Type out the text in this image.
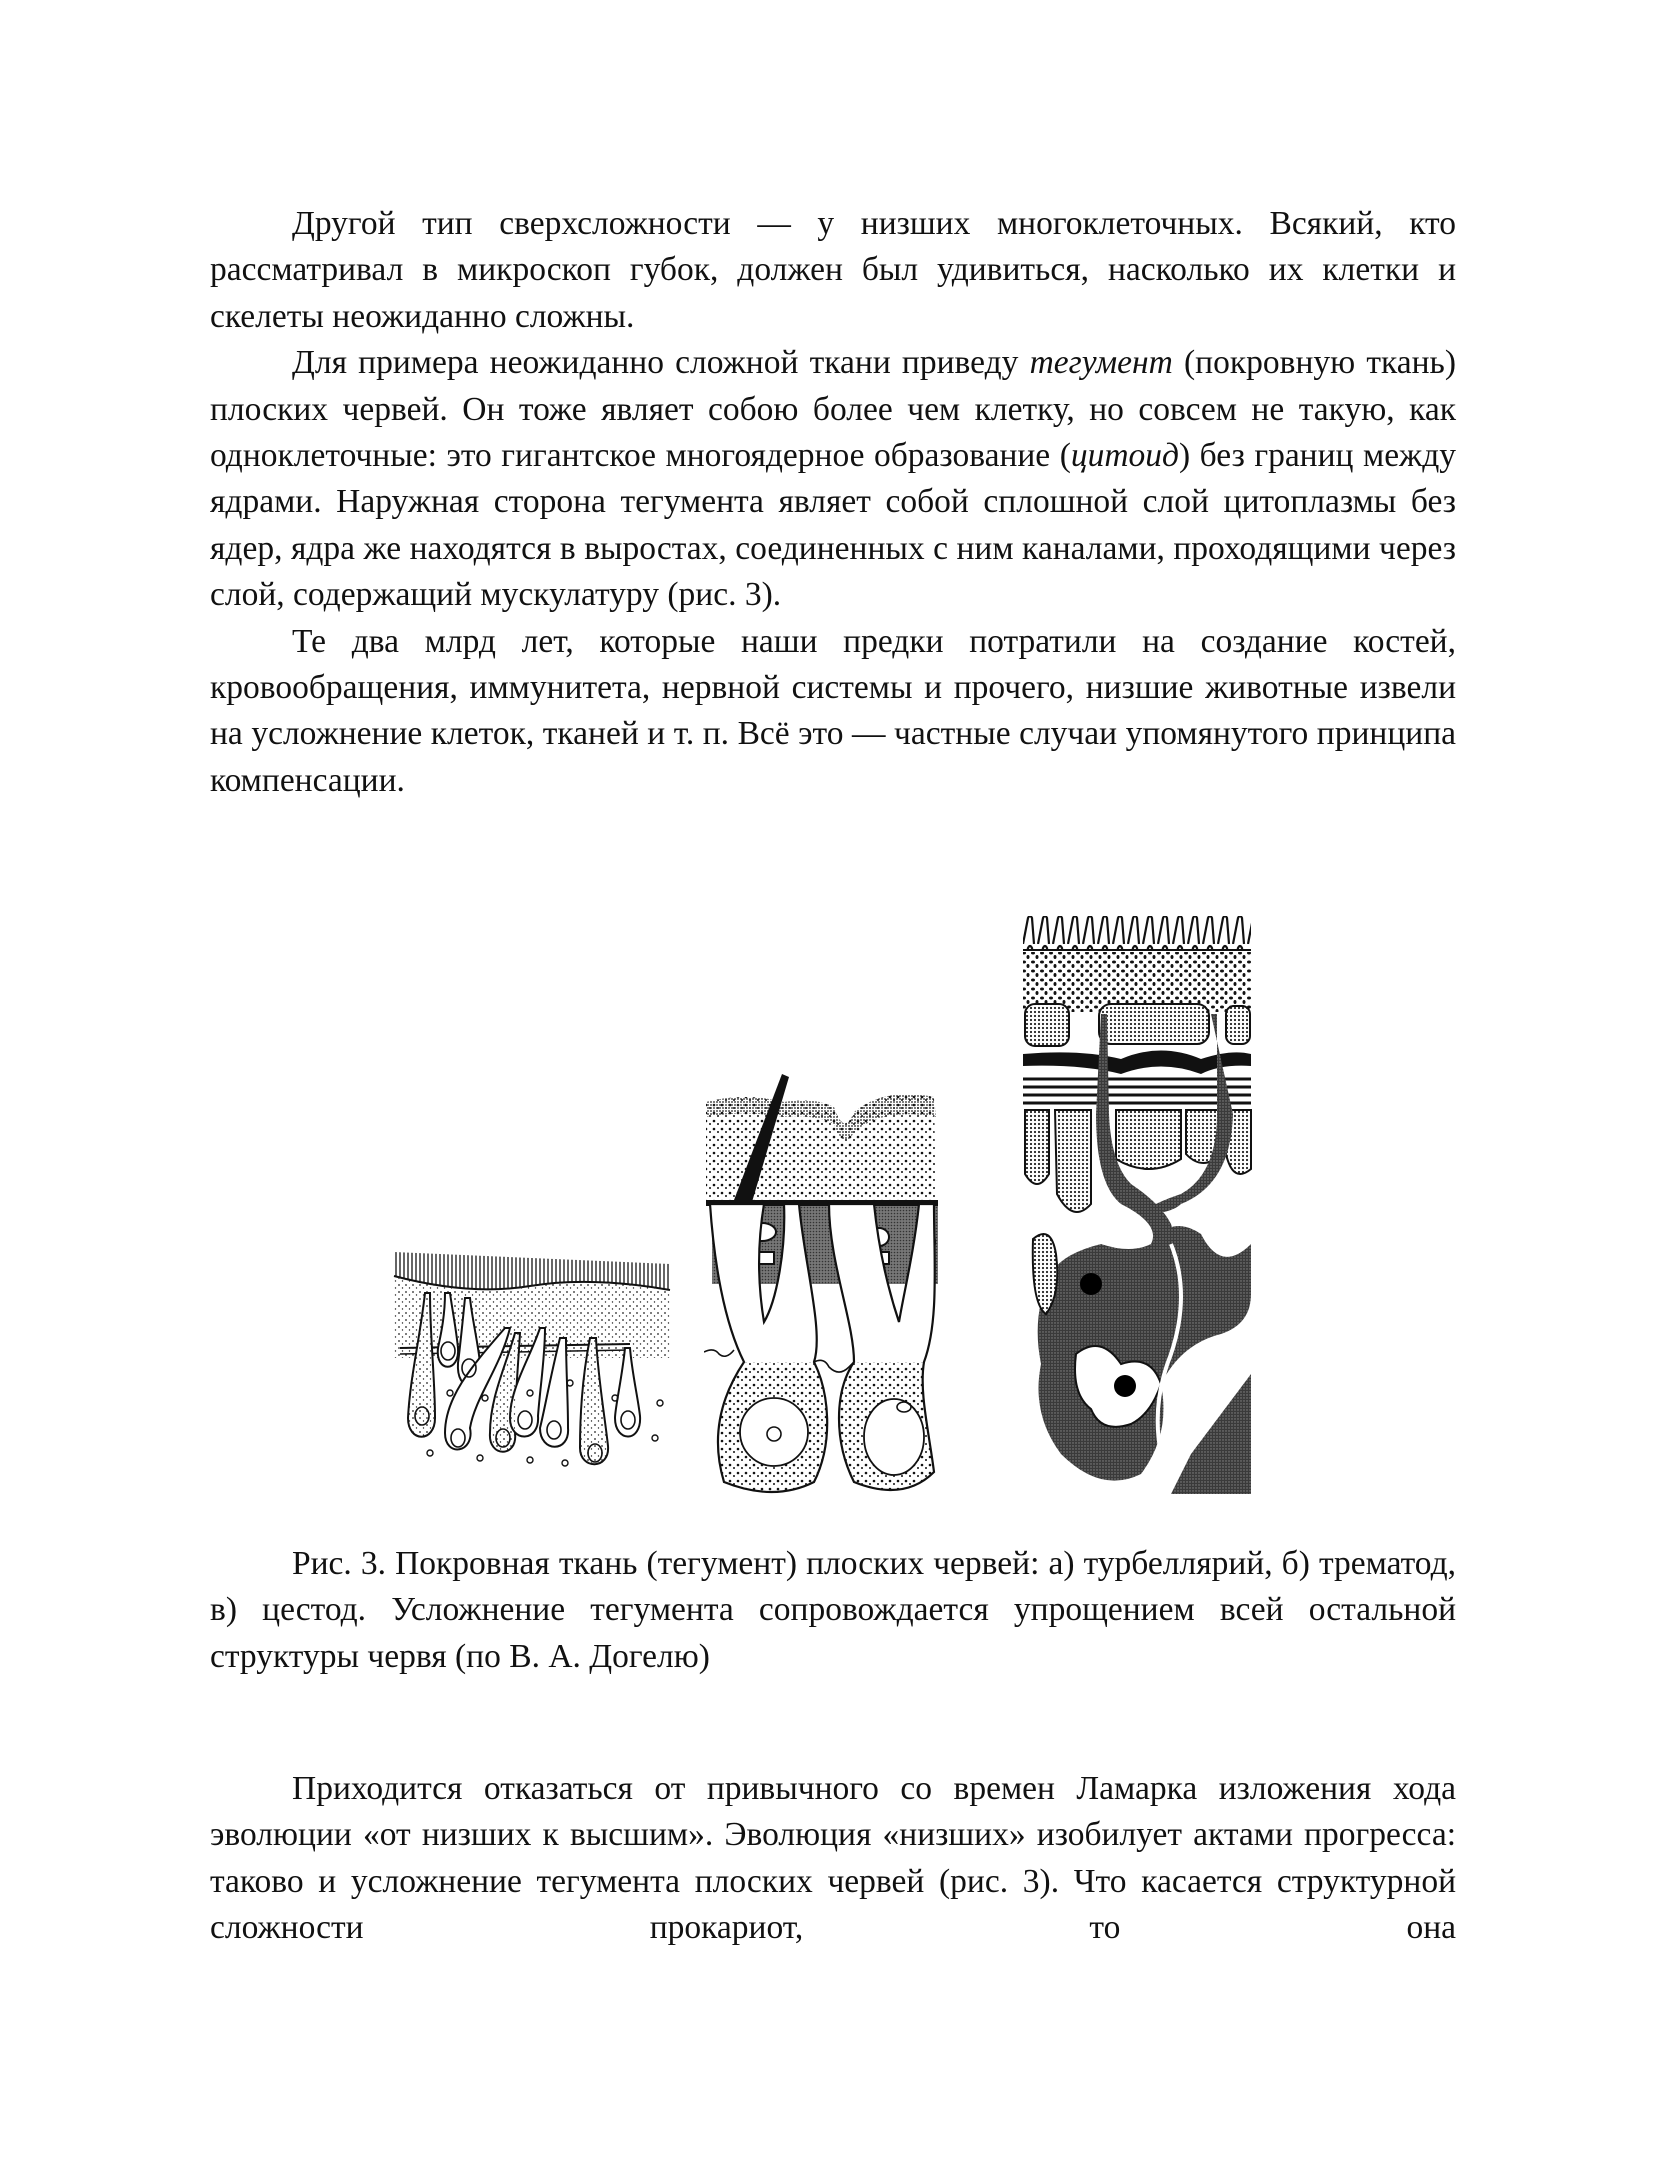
Другой тип сверхсложности — у низших многоклеточных. Всякий, кто рассматривал в микроскоп губок, должен был удивиться, насколько их клетки и скелеты неожиданно сложны.

Для примера неожиданно сложной ткани приведу тегумент (покровную ткань) плоских червей. Он тоже являет собою более чем клетку, но совсем не такую, как одноклеточные: это гигантское многоядерное образование (цитоид) без границ между ядрами. Наружная сторона тегумента являет собой сплошной слой цитоплазмы без ядер, ядра же находятся в выростах, соединенных с ним каналами, проходящими через слой, содержащий мускулатуру (рис. 3).

Те два млрд лет, которые наши предки потратили на создание костей, кровообращения, иммунитета, нервной системы и прочего, низшие животные извели на усложнение клеток, тканей и т. п. Всё это — частные случаи упомянутого принципа компенсации.

Рис. 3. Покровная ткань (тегумент) плоских червей: а) турбеллярий, б) трематод, в) цестод. Усложнение тегумента сопровождается упрощением всей остальной структуры червя (по В. А. Догелю)

Приходится отказаться от привычного со времен Ламарка изложения хода эволюции «от низших к высшим». Эволюция «низших» изобилует актами прогресса: таково и усложнение тегумента плоских червей (рис. 3). Что касается структурной сложности прокариот, то она
